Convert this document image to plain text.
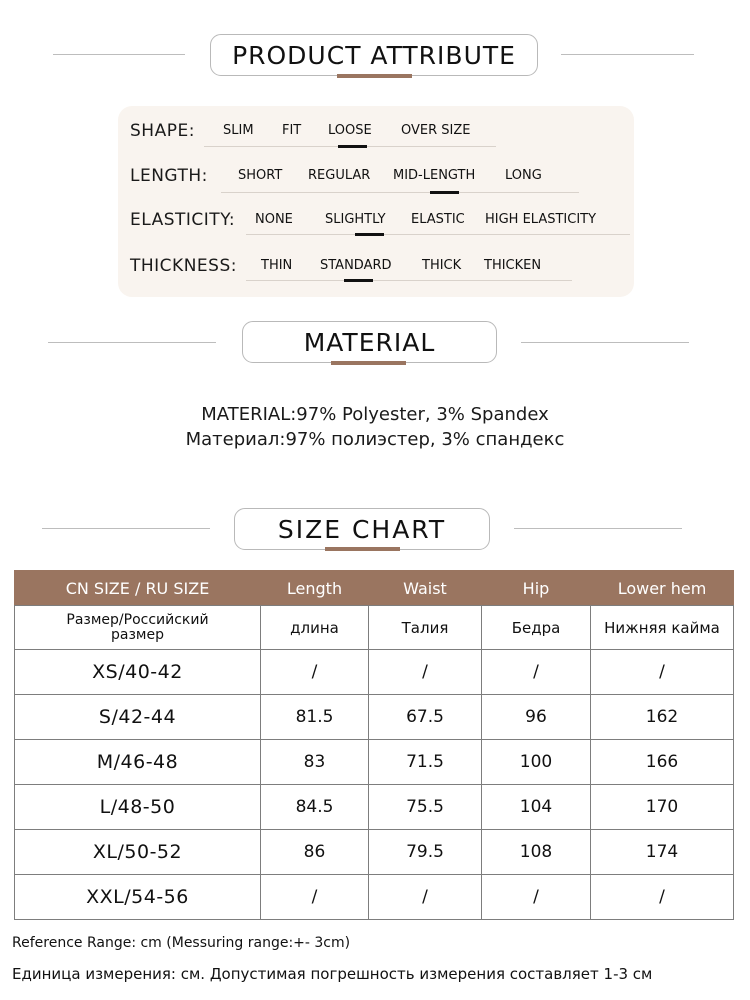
PRODUCT ATTRIBUTE
SHAPE: SLIM FIT LOOSE OVER SIZE
LENGTH: SHORT REGULAR MID-LENGTH LONG
ELASTICITY: NONE SLIGHTLY ELASTIC HIGH ELASTICITY
THICKNESS: THIN STANDARD THICK THICKEN
MATERIAL
MATERIAL:97% Polyester, 3% Spandex
Материал:97% полиэстер, 3% спандекс
SIZE CHART
CN SIZE / RU SIZE	Length	Waist	Hip	Lower hem
Размер/Российский
размер	длина	Талия	Бедра	Нижняя кайма
XS/40-42	/	/	/	/
S/42-44	81.5	67.5	96	162
M/46-48	83	71.5	100	166
L/48-50	84.5	75.5	104	170
XL/50-52	86	79.5	108	174
XXL/54-56	/	/	/	/
Reference Range: cm (Messuring range:+- 3cm)
Единица измерения: см. Допустимая погрешность измерения составляет 1-3 см
